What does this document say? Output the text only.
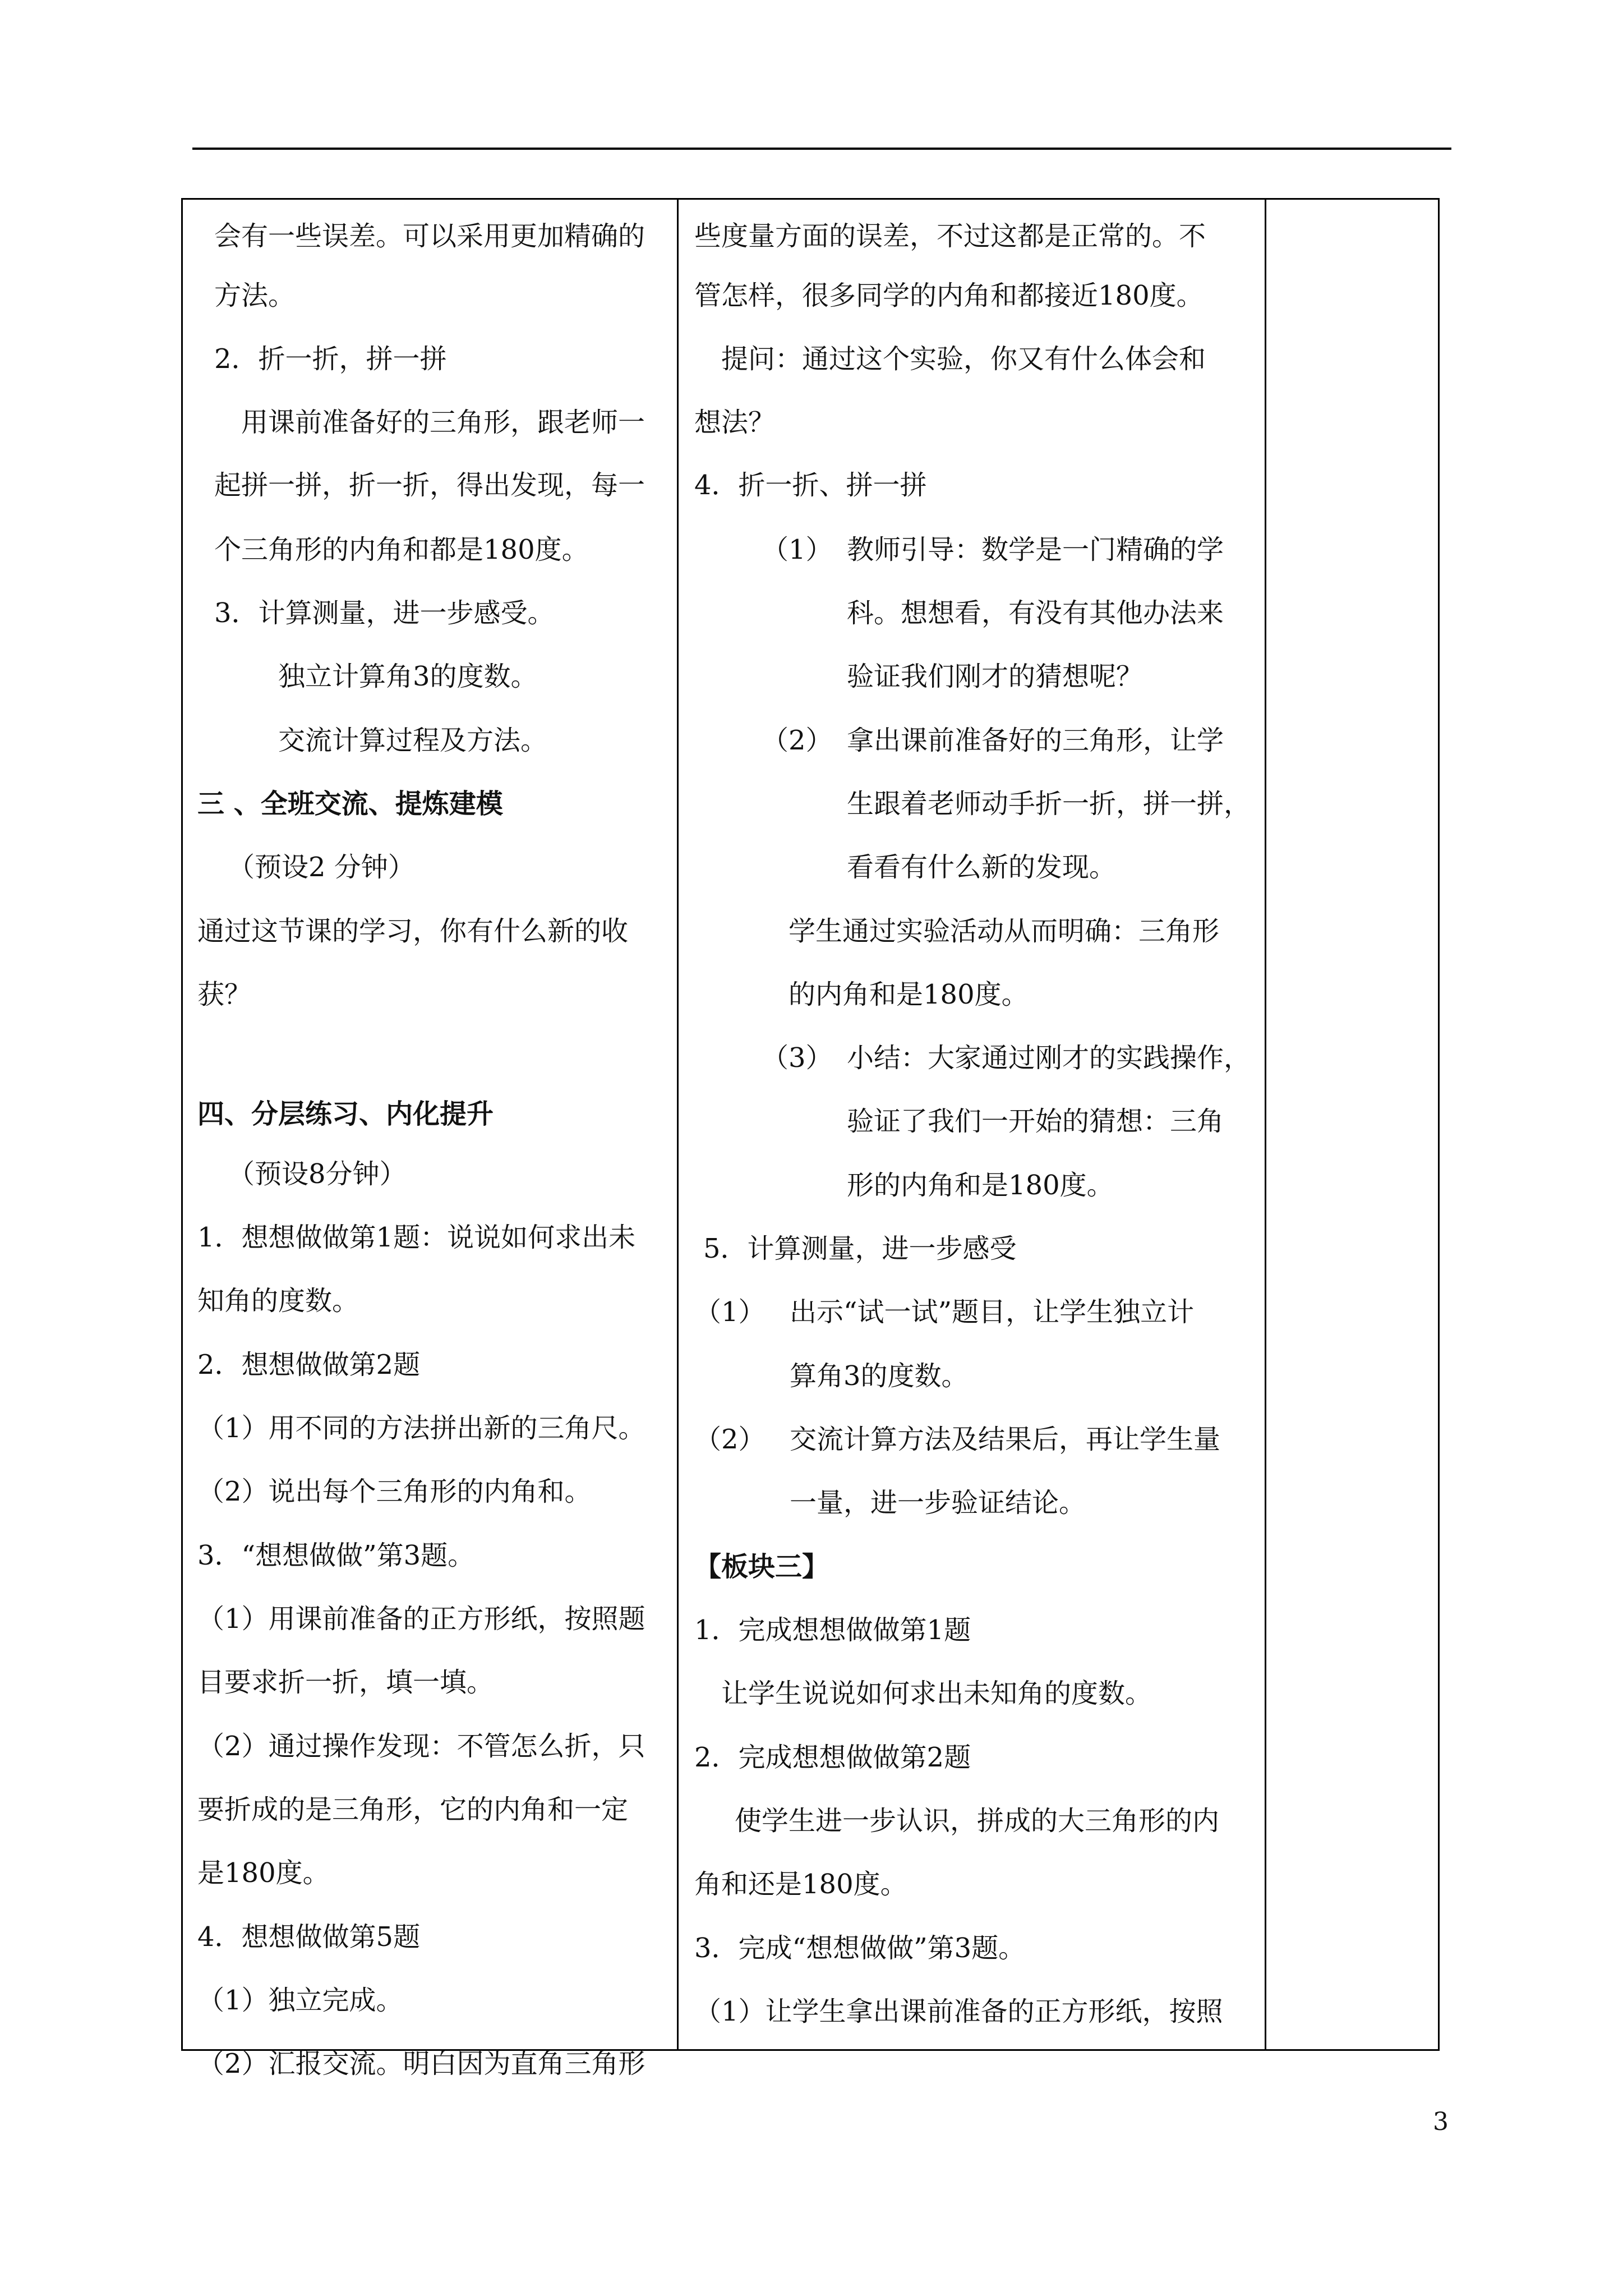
会有一些误差。可以采用更加精确的
方法。
2．折一折，拼一拼
用课前准备好的三角形，跟老师一
起拼一拼，折一折，得出发现，每一
个三角形的内角和都是180度。
3．计算测量，进一步感受。
独立计算角3的度数。
交流计算过程及方法。
三 、全班交流、提炼建模
（预设2 分钟）
通过这节课的学习，你有什么新的收
获？
四、分层练习、内化提升
（预设8分钟）
1．想想做做第1题：说说如何求出未
知角的度数。
2．想想做做第2题
（1）用不同的方法拼出新的三角尺。
（2）说出每个三角形的内角和。
3．“想想做做”第3题。
（1）用课前准备的正方形纸，按照题
目要求折一折，填一填。
（2）通过操作发现：不管怎么折，只
要折成的是三角形，它的内角和一定
是180度。
4．想想做做第5题
（1）独立完成。
（2）汇报交流。明白因为直角三角形
些度量方面的误差，不过这都是正常的。不
管怎样，很多同学的内角和都接近180度。
提问：通过这个实验，你又有什么体会和
想法？
4．折一折、拼一拼
（1） 教师引导：数学是一门精确的学
科。想想看，有没有其他办法来
验证我们刚才的猜想呢？
（2） 拿出课前准备好的三角形，让学
生跟着老师动手折一折，拼一拼，
看看有什么新的发现。
学生通过实验活动从而明确：三角形
的内角和是180度。
（3） 小结：大家通过刚才的实践操作，
验证了我们一开始的猜想：三角
形的内角和是180度。
5．计算测量，进一步感受
（1） 出示“试一试”题目，让学生独立计
算角3的度数。
（2） 交流计算方法及结果后，再让学生量
一量，进一步验证结论。
【板块三】
1．完成想想做做第1题
让学生说说如何求出未知角的度数。
2．完成想想做做第2题
使学生进一步认识，拼成的大三角形的内
角和还是180度。
3．完成“想想做做”第3题。
（1）让学生拿出课前准备的正方形纸，按照
3
